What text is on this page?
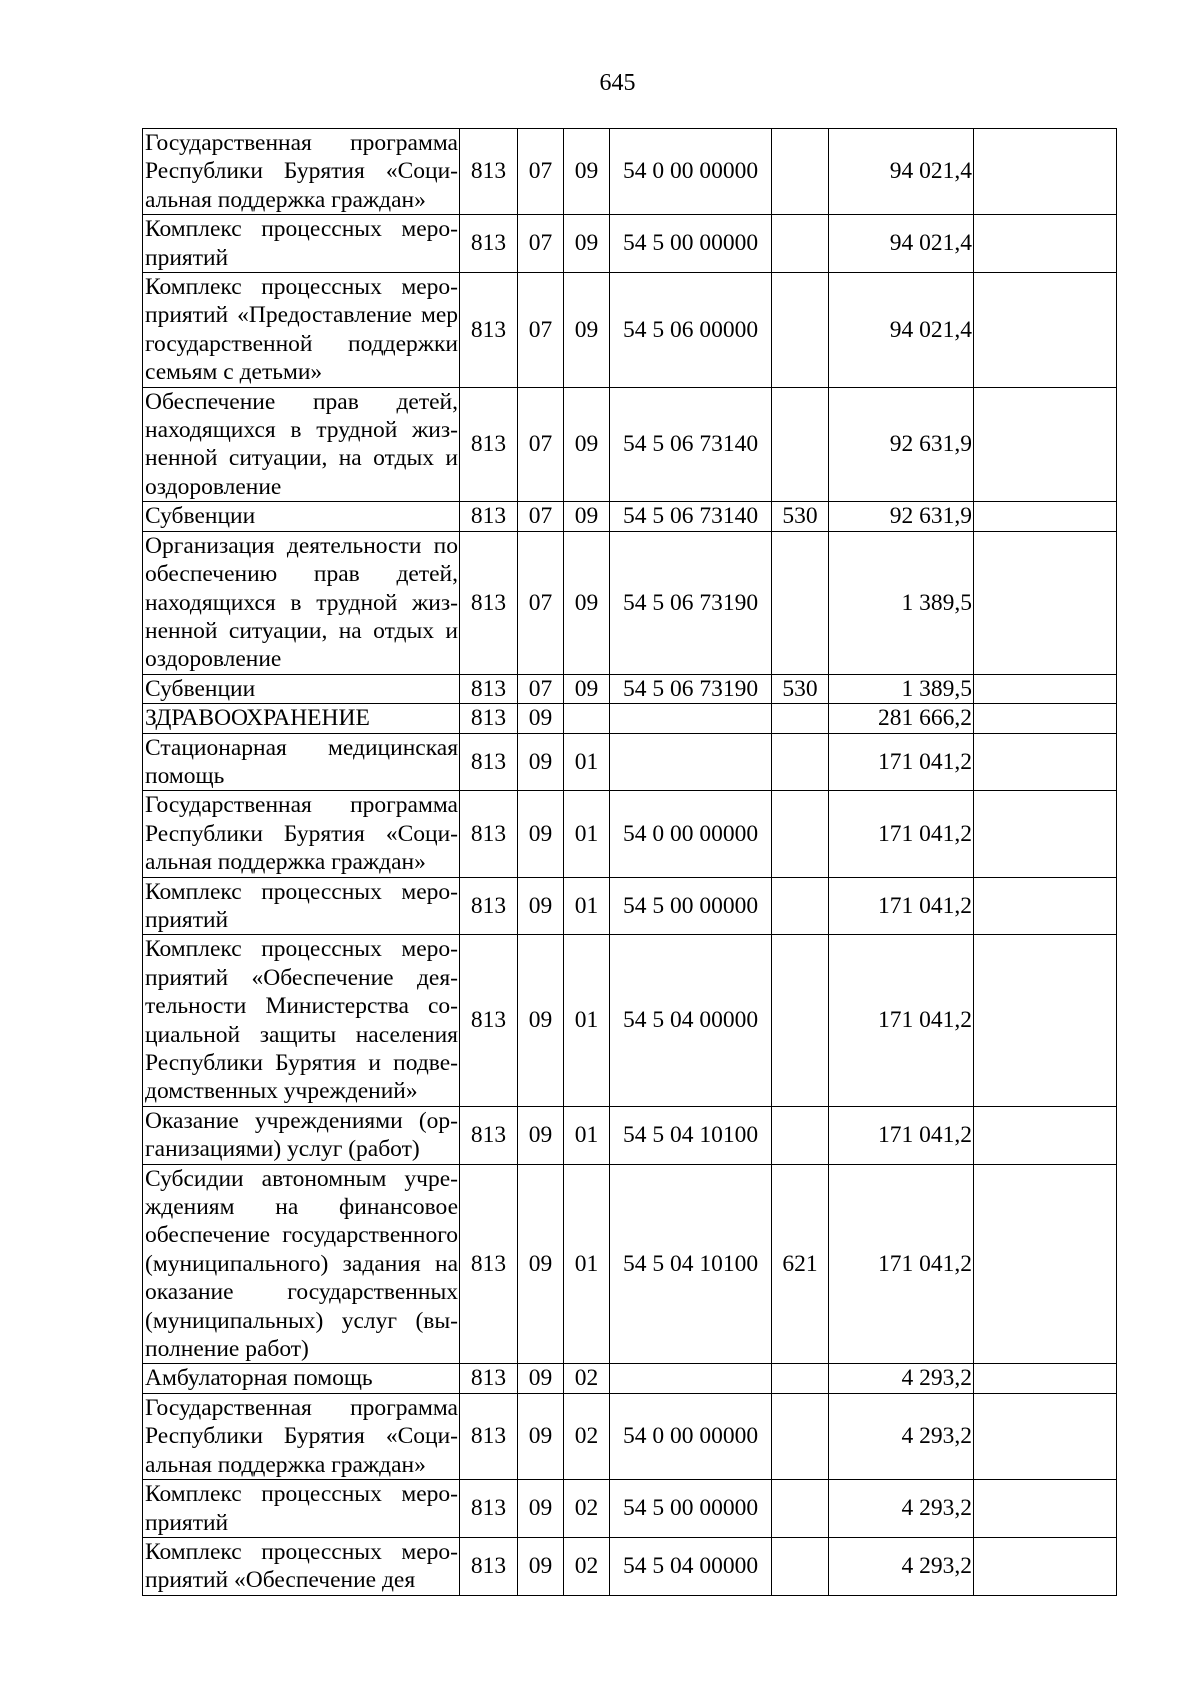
645
Государственная программа Республики Бурятия «Социальная поддержка граждан»	813	07	09	54 0 00 00000		94 021,4	
Комплекс процессных мероприятий	813	07	09	54 5 00 00000		94 021,4	
Комплекс процессных мероприятий «Предоставление мер государственной поддержки семьям с детьми»	813	07	09	54 5 06 00000		94 021,4	
Обеспечение прав детей, находящихся в трудной жизненной ситуации, на отдых и оздоровление	813	07	09	54 5 06 73140		92 631,9	
Субвенции	813	07	09	54 5 06 73140	530	92 631,9	
Организация деятельности по обеспечению прав детей, находящихся в трудной жизненной ситуации, на отдых и оздоровление	813	07	09	54 5 06 73190		1 389,5	
Субвенции	813	07	09	54 5 06 73190	530	1 389,5	
ЗДРАВООХРАНЕНИЕ	813	09				281 666,2	
Стационарная медицинская помощь	813	09	01			171 041,2	
Государственная программа Республики Бурятия «Социальная поддержка граждан»	813	09	01	54 0 00 00000		171 041,2	
Комплекс процессных мероприятий	813	09	01	54 5 00 00000		171 041,2	
Комплекс процессных мероприятий «Обеспечение деятельности Министерства социальной защиты населения Республики Бурятия и подведомственных учреждений»	813	09	01	54 5 04 00000		171 041,2	
Оказание учреждениями (организациями) услуг (работ)	813	09	01	54 5 04 10100		171 041,2	
Субсидии автономным учреждениям на финансовое обеспечение государственного (муниципального) задания на оказание государственных (муниципальных) услуг (выполнение работ)	813	09	01	54 5 04 10100	621	171 041,2	
Амбулаторная помощь	813	09	02			4 293,2	
Государственная программа Республики Бурятия «Социальная поддержка граждан»	813	09	02	54 0 00 00000		4 293,2	
Комплекс процессных мероприятий	813	09	02	54 5 00 00000		4 293,2	
Комплекс процессных мероприятий «Обеспечение дея	813	09	02	54 5 04 00000		4 293,2	
